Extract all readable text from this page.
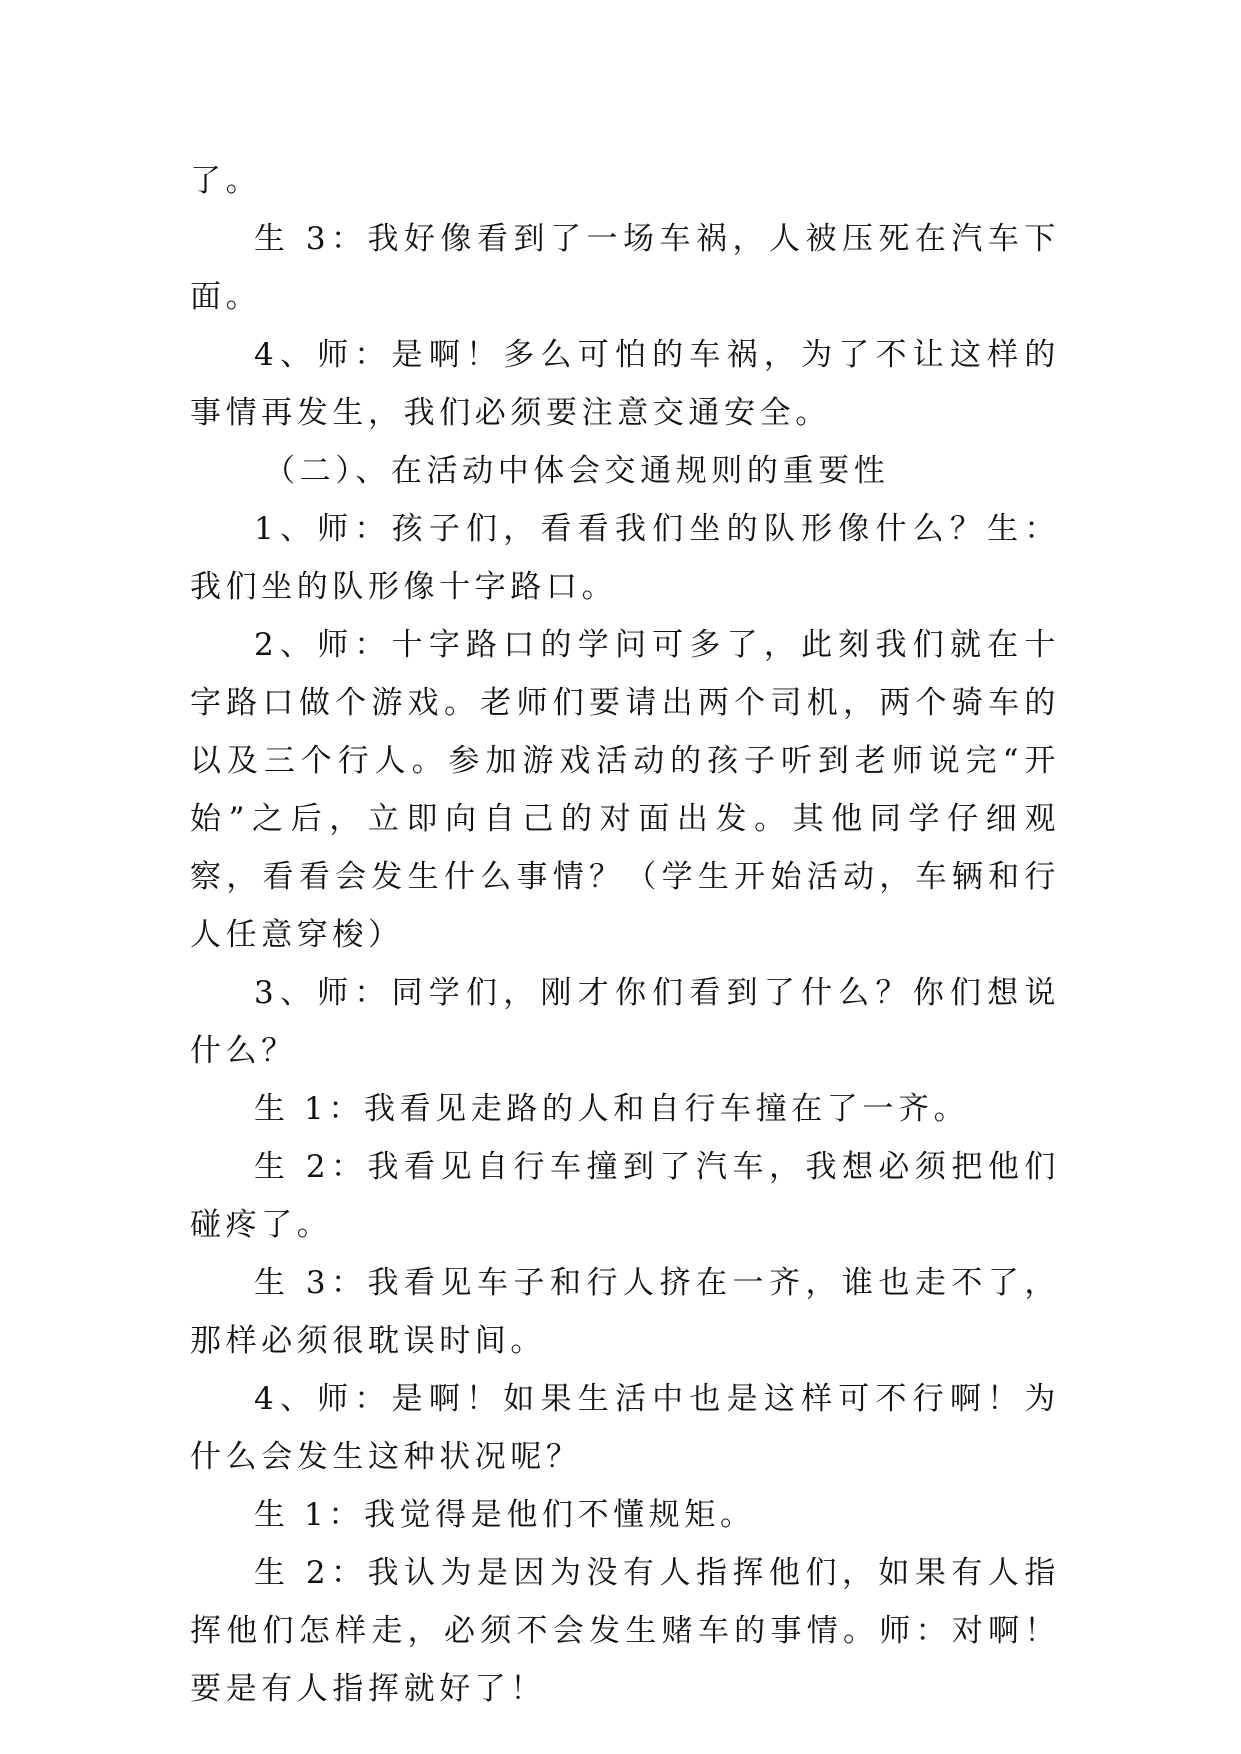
了。

生 3：我好像看到了一场车祸，人被压死在汽车下面。

4、师：是啊！多么可怕的车祸，为了不让这样的事情再发生，我们必须要注意交通安全。

（二）、在活动中体会交通规则的重要性

1、师：孩子们，看看我们坐的队形像什么？生：我们坐的队形像十字路口。

2、师：十字路口的学问可多了，此刻我们就在十字路口做个游戏。老师们要请出两个司机，两个骑车的以及三个行人。参加游戏活动的孩子听到老师说完“开始”之后，立即向自己的对面出发。其他同学仔细观察，看看会发生什么事情？（学生开始活动，车辆和行人任意穿梭）

3、师：同学们，刚才你们看到了什么？你们想说什么？

生 1：我看见走路的人和自行车撞在了一齐。

生 2：我看见自行车撞到了汽车，我想必须把他们碰疼了。

生 3：我看见车子和行人挤在一齐，谁也走不了，那样必须很耽误时间。

4、师：是啊！如果生活中也是这样可不行啊！为什么会发生这种状况呢？

生 1：我觉得是他们不懂规矩。

生 2：我认为是因为没有人指挥他们，如果有人指挥他们怎样走，必须不会发生赌车的事情。师：对啊！要是有人指挥就好了！
